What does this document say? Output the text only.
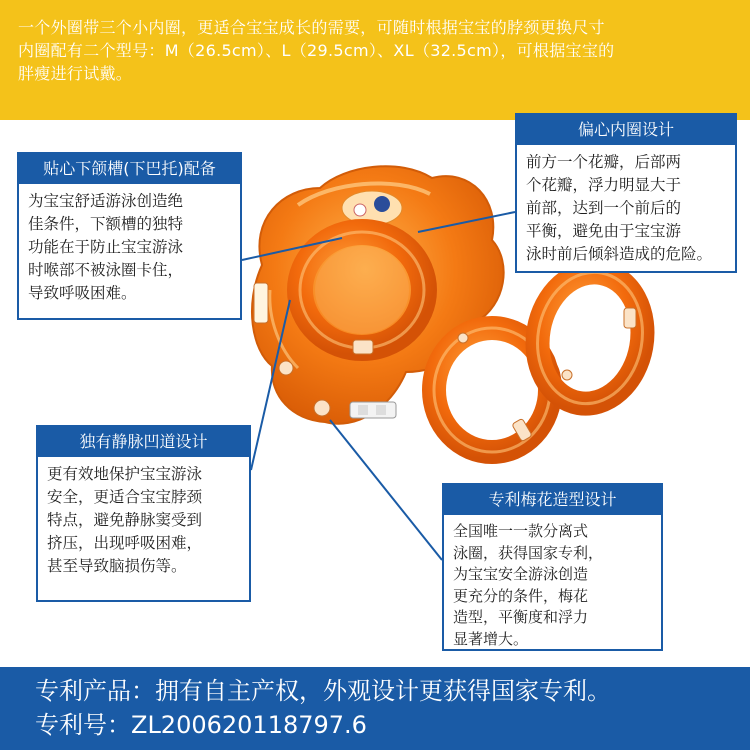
一个外圈带三个小内圈，更适合宝宝成长的需要，可随时根据宝宝的脖颈更换尺寸
内圈配有二个型号：M（26.5cm）、L（29.5cm）、XL（32.5cm），可根据宝宝的
胖瘦进行试戴。
贴心下颌槽(下巴托)配备
为宝宝舒适游泳创造绝
佳条件，下额槽的独特
功能在于防止宝宝游泳
时喉部不被泳圈卡住，
导致呼吸困难。
偏心内圈设计
前方一个花瓣，后部两
个花瓣，浮力明显大于
前部，达到一个前后的
平衡，避免由于宝宝游
泳时前后倾斜造成的危险。
独有静脉凹道设计
更有效地保护宝宝游泳
安全，更适合宝宝脖颈
特点，避免静脉窦受到
挤压，出现呼吸困难，
甚至导致脑损伤等。
专利梅花造型设计
全国唯一一款分离式
泳圈，获得国家专利，
为宝宝安全游泳创造
更充分的条件，梅花
造型，平衡度和浮力
显著增大。
专利产品：拥有自主产权，外观设计更获得国家专利。
专利号：ZL200620118797.6
